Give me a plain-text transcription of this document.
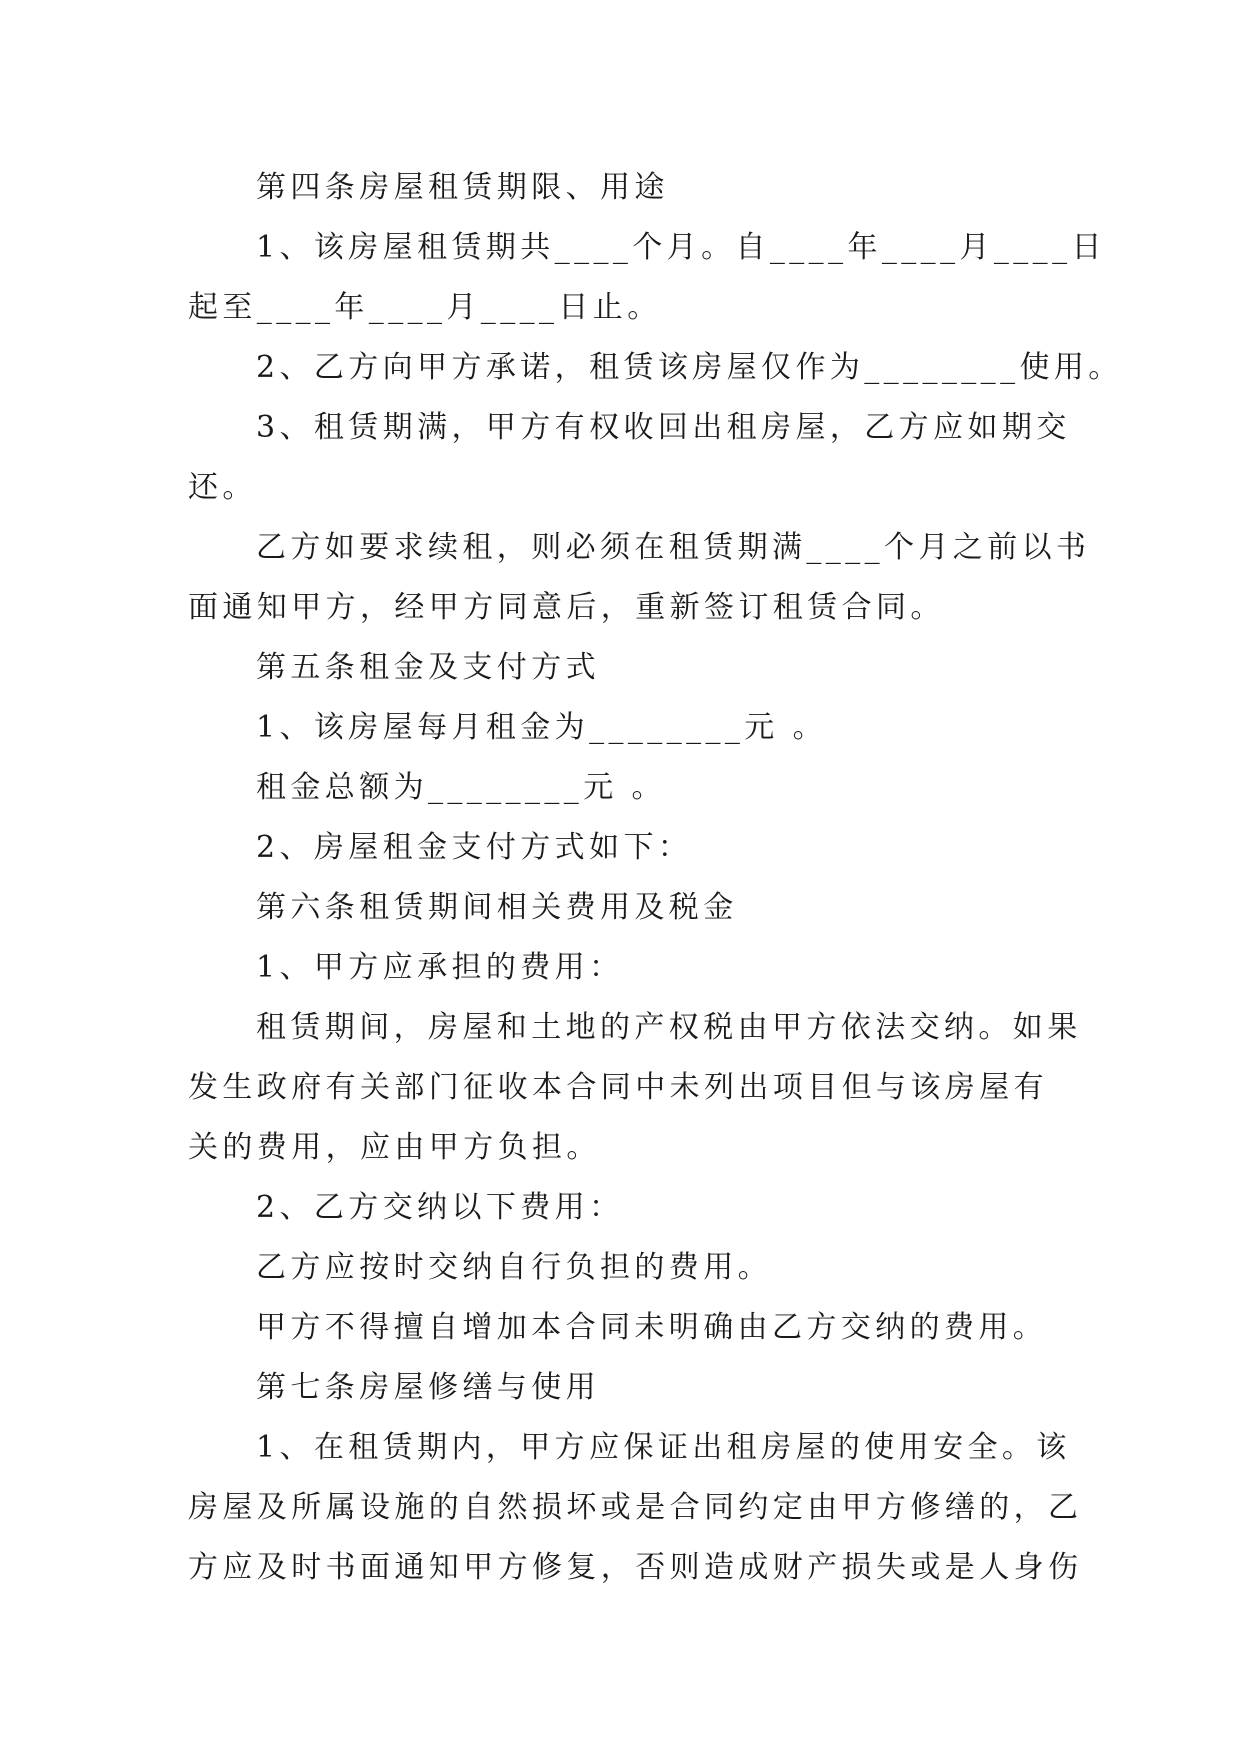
第四条房屋租赁期限、用途

1、该房屋租赁期共____个月。自____年____月____日

起至____年____月____日止。

2、乙方向甲方承诺，租赁该房屋仅作为________使用。

3、租赁期满，甲方有权收回出租房屋，乙方应如期交

还。

乙方如要求续租，则必须在租赁期满____个月之前以书

面通知甲方，经甲方同意后，重新签订租赁合同。

第五条租金及支付方式

1、该房屋每月租金为________元 。

租金总额为________元 。

2、房屋租金支付方式如下：

第六条租赁期间相关费用及税金

1、甲方应承担的费用：

租赁期间，房屋和土地的产权税由甲方依法交纳。如果

发生政府有关部门征收本合同中未列出项目但与该房屋有

关的费用，应由甲方负担。

2、乙方交纳以下费用：

乙方应按时交纳自行负担的费用。

甲方不得擅自增加本合同未明确由乙方交纳的费用。

第七条房屋修缮与使用

1、在租赁期内，甲方应保证出租房屋的使用安全。该

房屋及所属设施的自然损坏或是合同约定由甲方修缮的，乙

方应及时书面通知甲方修复，否则造成财产损失或是人身伤
